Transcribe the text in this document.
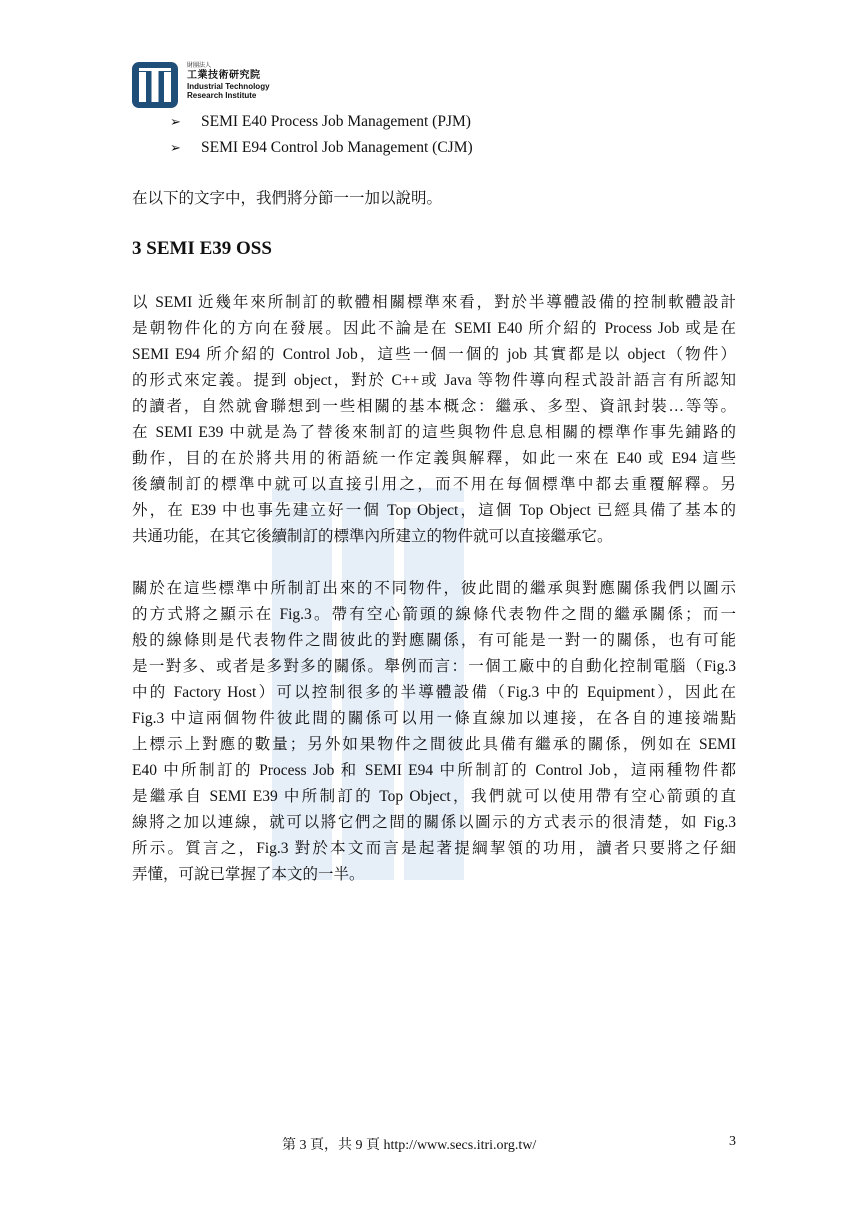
財團法人
工業技術研究院
Industrial Technology
Research Institute
➢ SEMI E40 Process Job Management (PJM)
➢ SEMI E94 Control Job Management (CJM)
在以下的文字中，我們將分節一一加以說明。
3 SEMI E39 OSS
以 SEMI 近幾年來所制訂的軟體相關標準來看，對於半導體設備的控制軟體設計
是朝物件化的方向在發展。因此不論是在 SEMI E40 所介紹的 Process Job 或是在
SEMI E94 所介紹的 Control Job，這些一個一個的 job 其實都是以 object（物件）
的形式來定義。提到 object，對於 C++或 Java 等物件導向程式設計語言有所認知
的讀者，自然就會聯想到一些相關的基本概念：繼承、多型、資訊封裝…等等。
在 SEMI E39 中就是為了替後來制訂的這些與物件息息相關的標準作事先鋪路的
動作，目的在於將共用的術語統一作定義與解釋，如此一來在 E40 或 E94 這些
後續制訂的標準中就可以直接引用之，而不用在每個標準中都去重覆解釋。另
外，在 E39 中也事先建立好一個 Top Object，這個 Top Object 已經具備了基本的
共通功能，在其它後續制訂的標準內所建立的物件就可以直接繼承它。
關於在這些標準中所制訂出來的不同物件，彼此間的繼承與對應關係我們以圖示
的方式將之顯示在 Fig.3。帶有空心箭頭的線條代表物件之間的繼承關係；而一
般的線條則是代表物件之間彼此的對應關係，有可能是一對一的關係，也有可能
是一對多、或者是多對多的關係。舉例而言：一個工廠中的自動化控制電腦（Fig.3
中的 Factory Host）可以控制很多的半導體設備（Fig.3 中的 Equipment），因此在
Fig.3 中這兩個物件彼此間的關係可以用一條直線加以連接，在各自的連接端點
上標示上對應的數量；另外如果物件之間彼此具備有繼承的關係，例如在 SEMI
E40 中所制訂的 Process Job 和 SEMI E94 中所制訂的 Control Job，這兩種物件都
是繼承自 SEMI E39 中所制訂的 Top Object，我們就可以使用帶有空心箭頭的直
線將之加以連線，就可以將它們之間的關係以圖示的方式表示的很清楚，如 Fig.3
所示。質言之，Fig.3 對於本文而言是起著提綱挈領的功用，讀者只要將之仔細
弄懂，可說已掌握了本文的一半。
第 3 頁，共 9 頁 http://www.secs.itri.org.tw/	3
